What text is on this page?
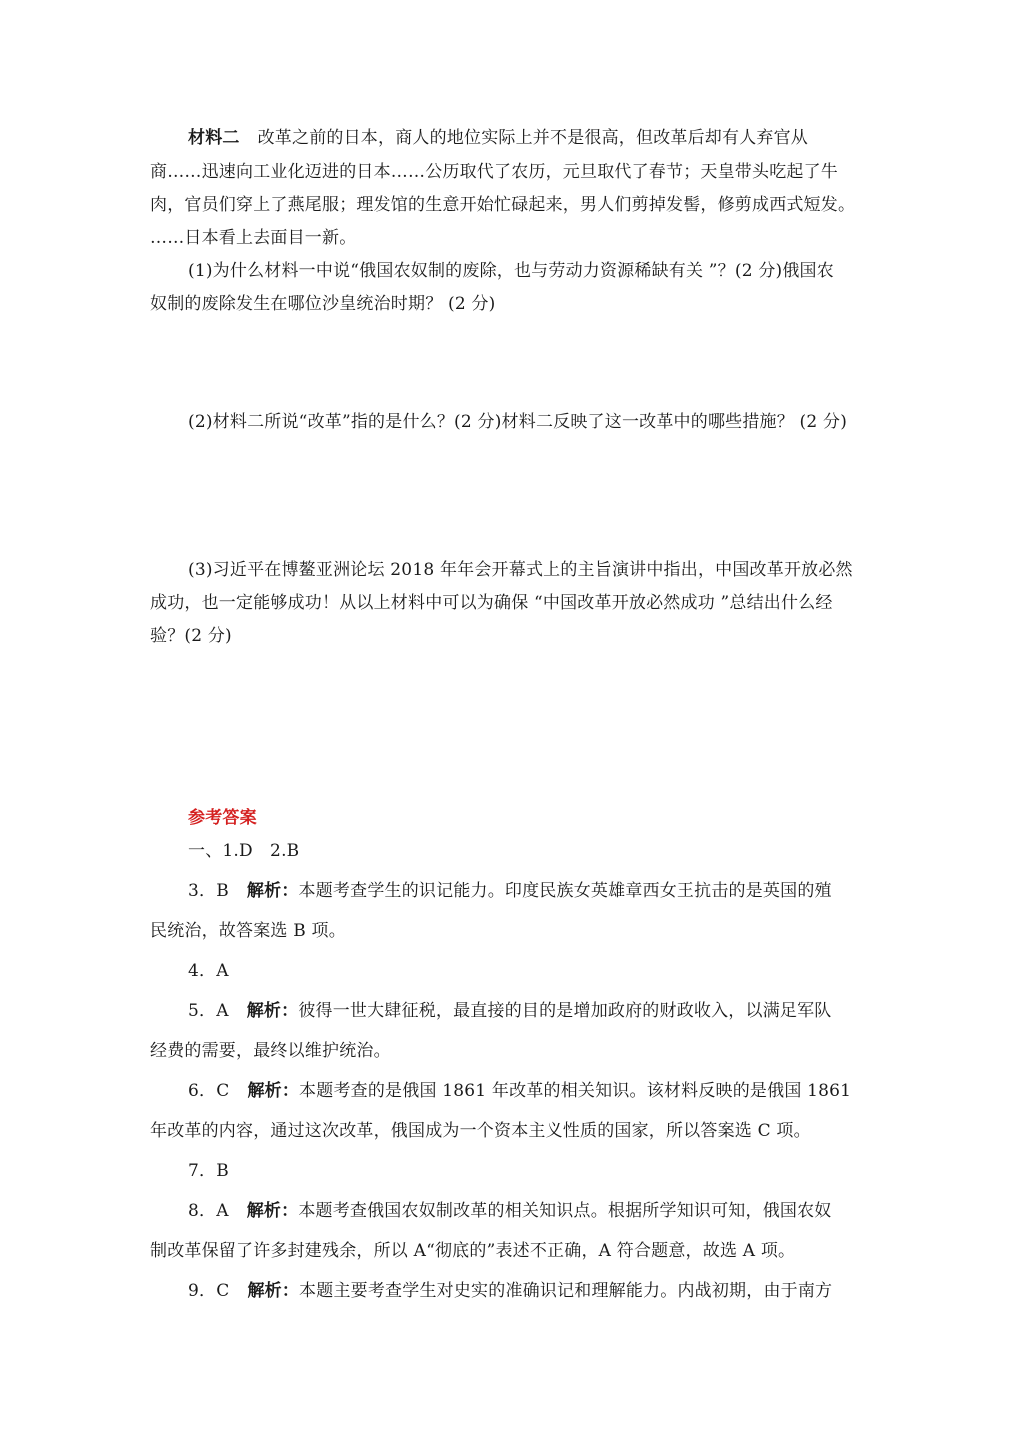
材料二 改革之前的日本，商人的地位实际上并不是很高，但改革后却有人弃官从
商……迅速向工业化迈进的日本……公历取代了农历，元旦取代了春节；天皇带头吃起了牛
肉，官员们穿上了燕尾服；理发馆的生意开始忙碌起来，男人们剪掉发髻，修剪成西式短发。
……日本看上去面目一新。
(1)为什么材料一中说“俄国农奴制的废除，也与劳动力资源稀缺有关 ”？(2 分)俄国农
奴制的废除发生在哪位沙皇统治时期？ (2 分)
(2)材料二所说“改革”指的是什么？(2 分)材料二反映了这一改革中的哪些措施？ (2 分)
(3)习近平在博鳌亚洲论坛 2018 年年会开幕式上的主旨演讲中指出，中国改革开放必然
成功，也一定能够成功！从以上材料中可以为确保 “中国改革开放必然成功 ”总结出什么经
验？(2 分)
参考答案
一、1.D　2.B
3．B 解析：本题考查学生的识记能力。印度民族女英雄章西女王抗击的是英国的殖
民统治，故答案选 B 项。
4．A
5．A 解析：彼得一世大肆征税，最直接的目的是增加政府的财政收入，以满足军队
经费的需要，最终以维护统治。
6．C 解析：本题考查的是俄国 1861 年改革的相关知识。该材料反映的是俄国 1861
年改革的内容，通过这次改革，俄国成为一个资本主义性质的国家，所以答案选 C 项。
7．B
8．A 解析：本题考查俄国农奴制改革的相关知识点。根据所学知识可知，俄国农奴
制改革保留了许多封建残余，所以 A“彻底的”表述不正确，A 符合题意，故选 A 项。
9．C 解析：本题主要考查学生对史实的准确识记和理解能力。内战初期，由于南方
